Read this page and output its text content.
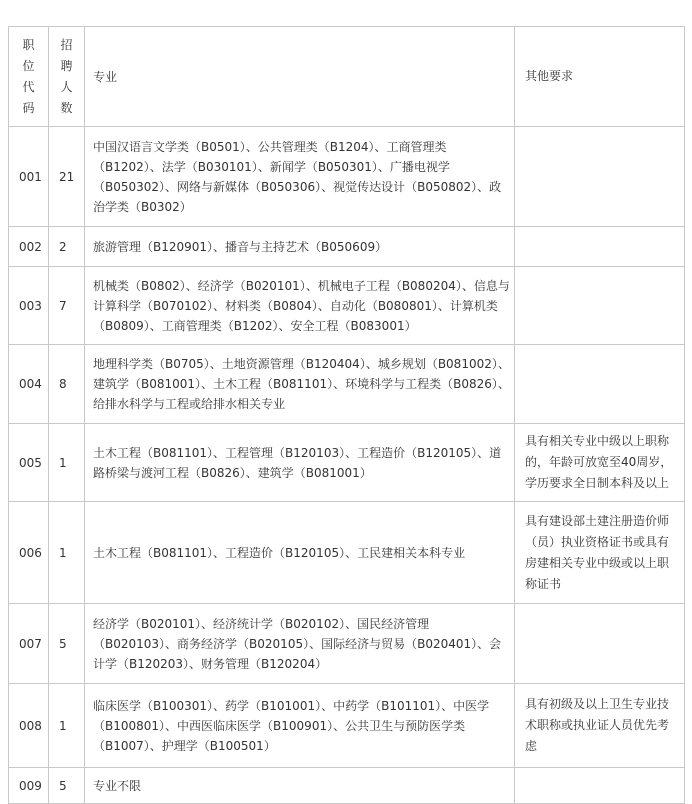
职位代码	招聘人数	专业	其他要求
001	21	中国汉语言文学类（B0501）、公共管理类（B1204）、工商管理类（B1202）、法学（B030101）、新闻学（B050301）、广播电视学（B050302）、网络与新媒体（B050306）、视觉传达设计（B050802）、政治学类（B0302）	
002	2	旅游管理（B120901）、播音与主持艺术（B050609）	
003	7	机械类（B0802）、经济学（B020101）、机械电子工程（B080204）、信息与计算科学（B070102）、材料类（B0804）、自动化（B080801）、计算机类（B0809）、工商管理类（B1202）、安全工程（B083001）	
004	8	地理科学类（B0705）、土地资源管理（B120404）、城乡规划（B081002）、建筑学（B081001）、土木工程（B081101）、环境科学与工程类（B0826）、给排水科学与工程或给排水相关专业	
005	1	土木工程（B081101）、工程管理（B120103）、工程造价（B120105）、道路桥梁与渡河工程（B0826）、建筑学（B081001）	具有相关专业中级以上职称的，年龄可放宽至40周岁，学历要求全日制本科及以上
006	1	土木工程（B081101）、工程造价（B120105）、工民建相关本科专业	具有建设部土建注册造价师（员）执业资格证书或具有房建相关专业中级或以上职称证书
007	5	经济学（B020101）、经济统计学（B020102）、国民经济管理（B020103）、商务经济学（B020105）、国际经济与贸易（B020401）、会计学（B120203）、财务管理（B120204）	
008	1	临床医学（B100301）、药学（B101001）、中药学（B101101）、中医学（B100801）、中西医临床医学（B100901）、公共卫生与预防医学类（B1007）、护理学（B100501）	具有初级及以上卫生专业技术职称或执业证人员优先考虑
009	5	专业不限	
